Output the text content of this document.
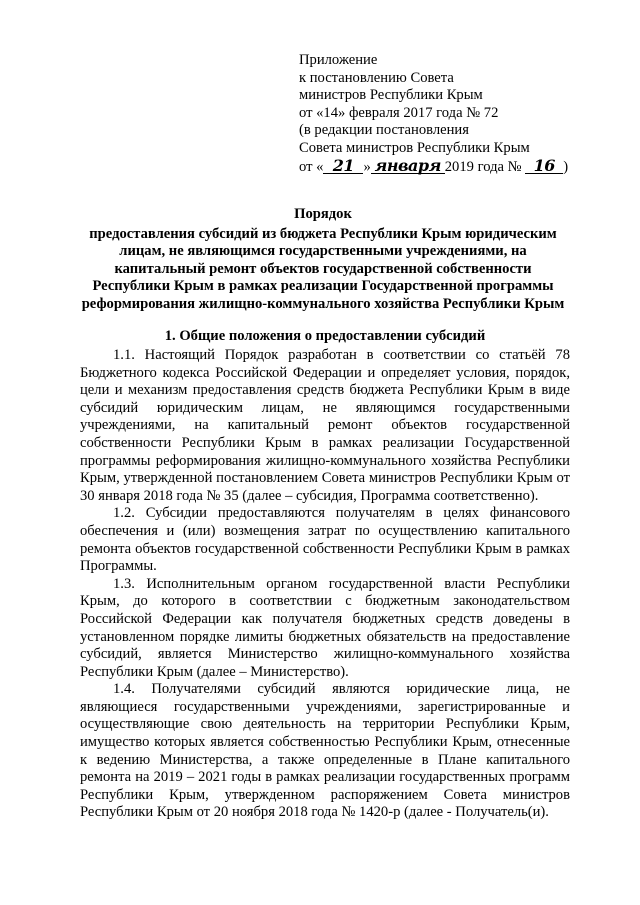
Приложение
к постановлению Совета
министров Республики Крым
от «14» февраля 2017 года № 72
(в редакции постановления
Совета министров Республики Крым
от « 21 » января 2019 года № 16 )
Порядок
предоставления субсидий из бюджета Республики Крым юридическим
лицам, не являющимся государственными учреждениями, на
капитальный ремонт объектов государственной собственности
Республики Крым в рамках реализации Государственной программы
реформирования жилищно-коммунального хозяйства Республики Крым
1. Общие положения о предоставлении субсидий

1.1. Настоящий Порядок разработан в соответствии со статьёй 78 Бюджетного кодекса Российской Федерации и определяет условия, порядок, цели и механизм предоставления средств бюджета Республики Крым в виде субсидий юридическим лицам, не являющимся государственными учреждениями, на капитальный ремонт объектов государственной собственности Республики Крым в рамках реализации Государственной программы реформирования жилищно-коммунального хозяйства Республики Крым, утвержденной постановлением Совета министров Республики Крым от 30 января 2018 года № 35 (далее – субсидия, Программа соответственно).

1.2. Субсидии предоставляются получателям в целях финансового обеспечения и (или) возмещения затрат по осуществлению капитального ремонта объектов государственной собственности Республики Крым в рамках Программы.

1.3. Исполнительным органом государственной власти Республики Крым, до которого в соответствии с бюджетным законодательством Российской Федерации как получателя бюджетных средств доведены в установленном порядке лимиты бюджетных обязательств на предоставление субсидий, является Министерство жилищно-коммунального хозяйства Республики Крым (далее – Министерство).

1.4. Получателями субсидий являются юридические лица, не являющиеся государственными учреждениями, зарегистрированные и осуществляющие свою деятельность на территории Республики Крым, имущество которых является собственностью Республики Крым, отнесенные к ведению Министерства, а также определенные в Плане капитального ремонта на 2019 – 2021 годы в рамках реализации государственных программ Республики Крым, утвержденном распоряжением Совета министров Республики Крым от 20 ноября 2018 года № 1420-р (далее - Получатель(и).
